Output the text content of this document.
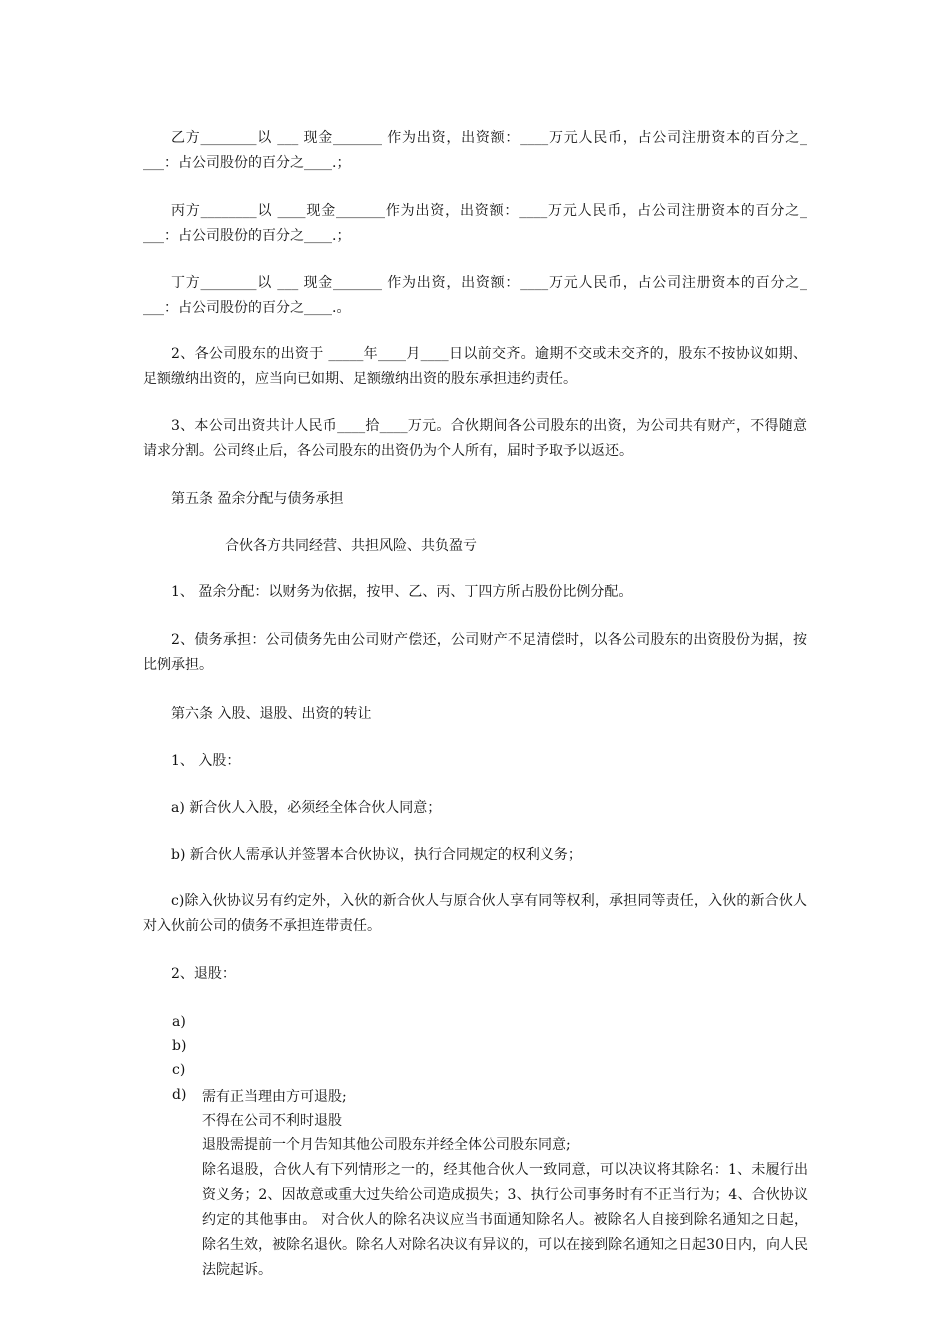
乙方________以 ___ 现金_______ 作为出资，出资额：____万元人民币，占公司注册资本的百分之_ ___：占公司股份的百分之____.；

丙方________以 ____现金_______作为出资，出资额：____万元人民币，占公司注册资本的百分之_ ___：占公司股份的百分之____.；

丁方________以 ___ 现金_______ 作为出资，出资额：____万元人民币，占公司注册资本的百分之_ ___：占公司股份的百分之____.。

2、各公司股东的出资于 _____年____月____日以前交齐。逾期不交或未交齐的，股东不按协议如期、足额缴纳出资的，应当向已如期、足额缴纳出资的股东承担违约责任。

3、本公司出资共计人民币____拾____万元。合伙期间各公司股东的出资，为公司共有财产，不得随意请求分割。公司终止后，各公司股东的出资仍为个人所有，届时予取予以返还。

第五条 盈余分配与债务承担

合伙各方共同经营、共担风险、共负盈亏

1、 盈余分配：以财务为依据，按甲、乙、丙、丁四方所占股份比例分配。

2、债务承担：公司债务先由公司财产偿还，公司财产不足清偿时，以各公司股东的出资股份为据，按比例承担。

第六条 入股、退股、出资的转让

1、 入股：

a) 新合伙人入股，必须经全体合伙人同意；

b) 新合伙人需承认并签署本合伙协议，执行合同规定的权利义务；

c)除入伙协议另有约定外，入伙的新合伙人与原合伙人享有同等权利，承担同等责任，入伙的新合伙人对入伙前公司的债务不承担连带责任。

2、退股：

a)

需有正当理由方可退股;

b)

不得在公司不利时退股

c)

退股需提前一个月告知其他公司股东并经全体公司股东同意;

d)

除名退股，合伙人有下列情形之一的，经其他合伙人一致同意，可以决议将其除名：1、未履行出资义务；2、因故意或重大过失给公司造成损失；3、执行公司事务时有不正当行为；4、合伙协议约定的其他事由。 对合伙人的除名决议应当书面通知除名人。被除名人自接到除名通知之日起，除名生效，被除名退伙。除名人对除名决议有异议的，可以在接到除名通知之日起30日内，向人民法院起诉。
